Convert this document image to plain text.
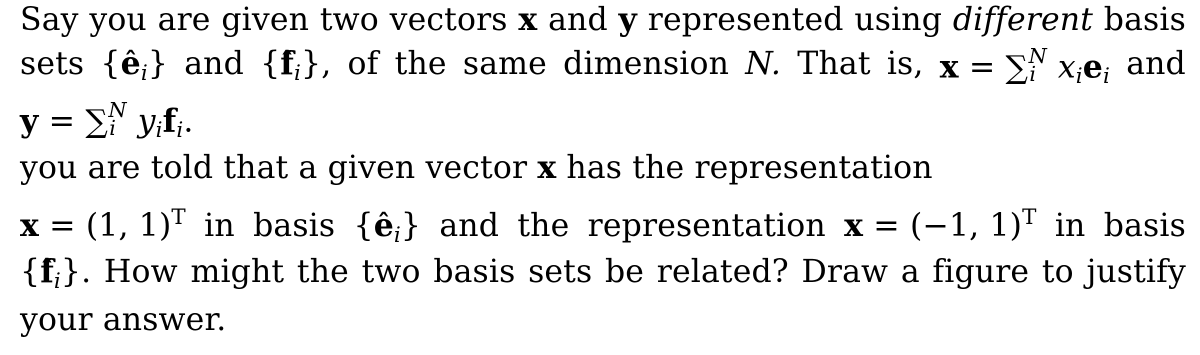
Say you are given two vectors x and y represented using different basis
sets {e ˆi} and {f ˆi}, of the same dimension N. That is, x = ∑ N
i xiei and
y = ∑ N
i yifi.
you are told that a given vector x has the representation
x = (1, 1)$^T$ in basis {e ˆi} and the representation x = (−1, 1)$^T$ in basis
{f ˆi}. How might the two basis sets be related? Draw a figure to justify
your answer.
